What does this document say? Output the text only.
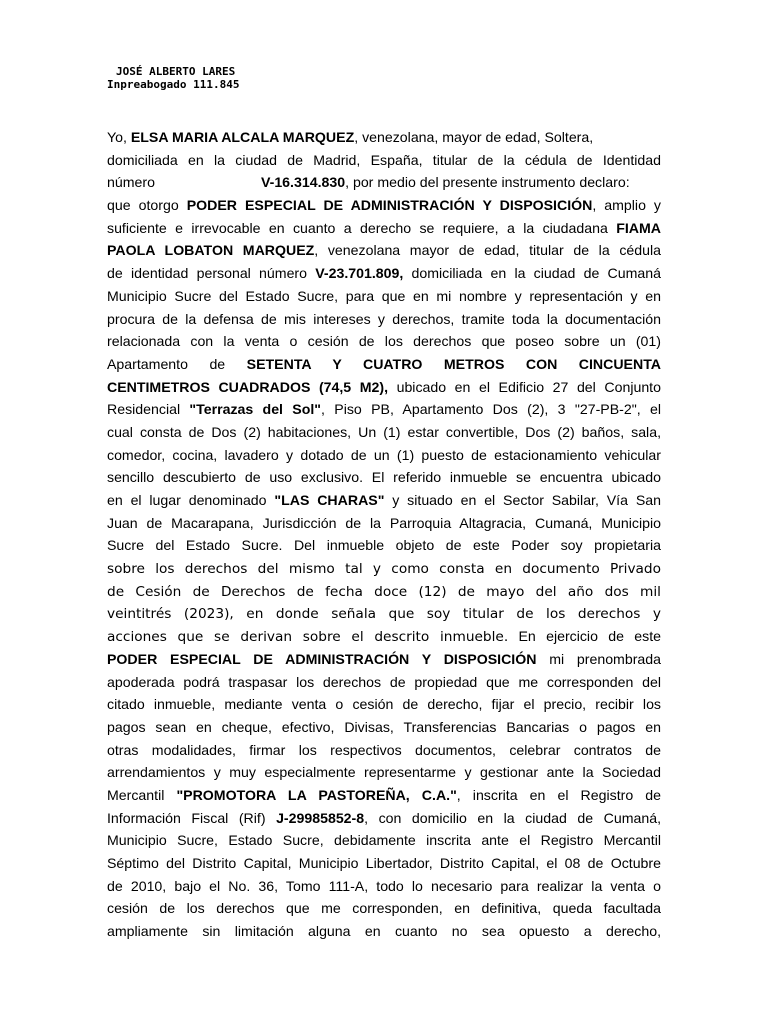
JOSÉ ALBERTO LARES
Inpreabogado 111.845
Yo, ELSA MARIA ALCALA MARQUEZ, venezolana, mayor de edad, Soltera,
domiciliada en la ciudad de Madrid, España, titular de la cédula de Identidad
número	V-16.314.830, por medio del presente instrumento declaro:
que otorgo PODER ESPECIAL DE ADMINISTRACIÓN Y DISPOSICIÓN, amplio y
suficiente e irrevocable en cuanto a derecho se requiere, a la ciudadana FIAMA
PAOLA LOBATON MARQUEZ, venezolana mayor de edad, titular de la cédula
de identidad personal número V-23.701.809, domiciliada en la ciudad de Cumaná
Municipio Sucre del Estado Sucre, para que en mi nombre y representación y en
procura de la defensa de mis intereses y derechos, tramite toda la documentación
relacionada con la venta o cesión de los derechos que poseo sobre un (01)
Apartamento de SETENTA Y CUATRO METROS CON CINCUENTA
CENTIMETROS CUADRADOS (74,5 M2), ubicado en el Edificio 27 del Conjunto
Residencial "Terrazas del Sol", Piso PB, Apartamento Dos (2), 3 "27-PB-2", el
cual consta de Dos (2) habitaciones, Un (1) estar convertible, Dos (2) baños, sala,
comedor, cocina, lavadero y dotado de un (1) puesto de estacionamiento vehicular
sencillo descubierto de uso exclusivo. El referido inmueble se encuentra ubicado
en el lugar denominado "LAS CHARAS" y situado en el Sector Sabilar, Vía San
Juan de Macarapana, Jurisdicción de la Parroquia Altagracia, Cumaná, Municipio
Sucre del Estado Sucre. Del inmueble objeto de este Poder soy propietaria
sobre los derechos del mismo tal y como consta en documento Privado
de Cesión de Derechos de fecha doce (12) de mayo del año dos mil
veintitrés (2023), en donde señala que soy titular de los derechos y
acciones que se derivan sobre el descrito inmueble. En ejercicio de este
PODER ESPECIAL DE ADMINISTRACIÓN Y DISPOSICIÓN mi prenombrada
apoderada podrá traspasar los derechos de propiedad que me corresponden del
citado inmueble, mediante venta o cesión de derecho, fijar el precio, recibir los
pagos sean en cheque, efectivo, Divisas, Transferencias Bancarias o pagos en
otras modalidades, firmar los respectivos documentos, celebrar contratos de
arrendamientos y muy especialmente representarme y gestionar ante la Sociedad
Mercantil "PROMOTORA LA PASTOREÑA, C.A.", inscrita en el Registro de
Información Fiscal (Rif) J-29985852-8, con domicilio en la ciudad de Cumaná,
Municipio Sucre, Estado Sucre, debidamente inscrita ante el Registro Mercantil
Séptimo del Distrito Capital, Municipio Libertador, Distrito Capital, el 08 de Octubre
de 2010, bajo el No. 36, Tomo 111-A, todo lo necesario para realizar la venta o
cesión de los derechos que me corresponden, en definitiva, queda facultada
ampliamente sin limitación alguna en cuanto no sea opuesto a derecho,
